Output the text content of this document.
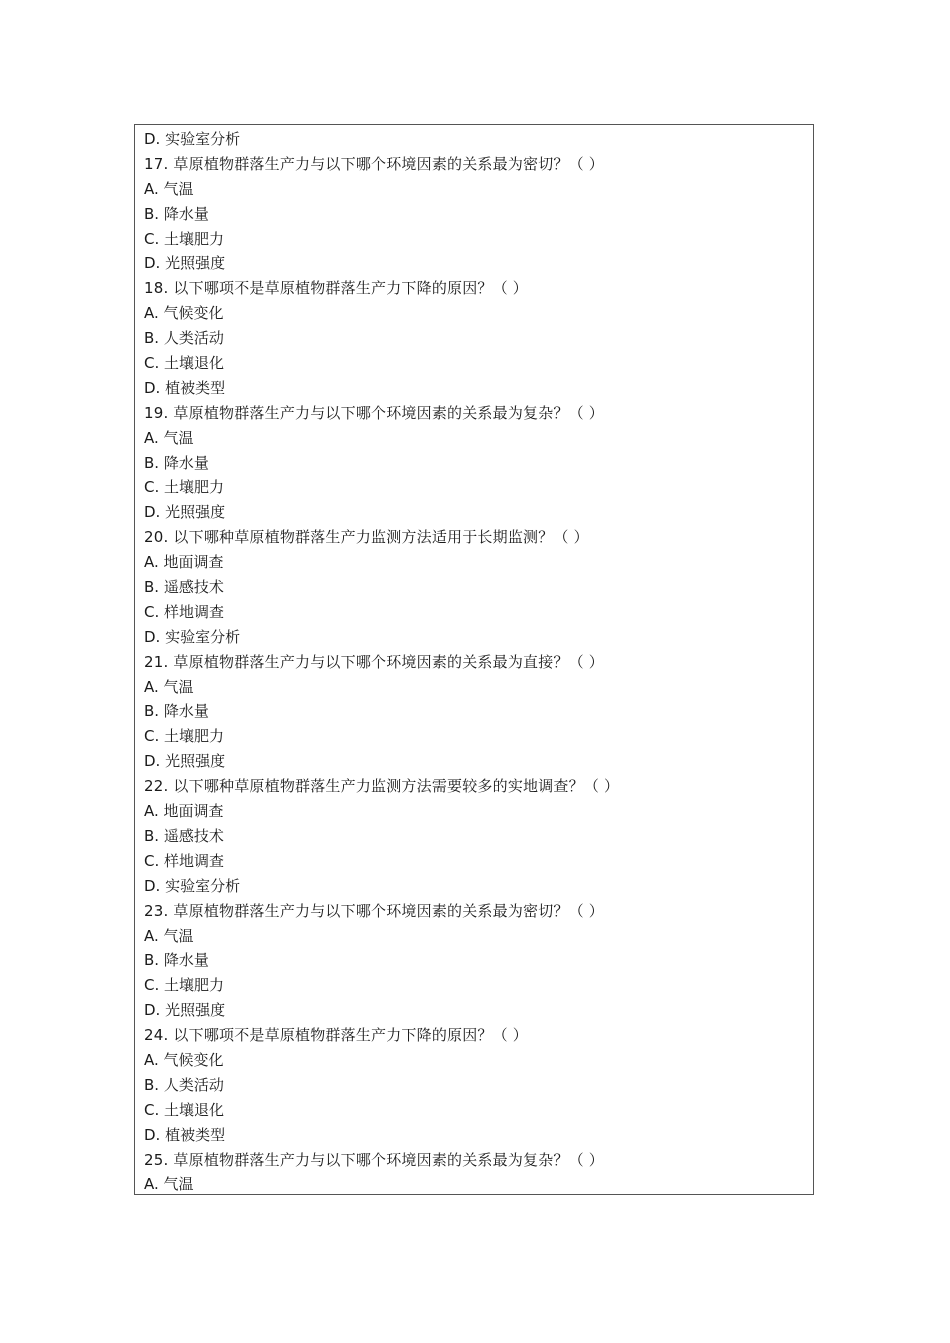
D. 实验室分析
17. 草原植物群落生产力与以下哪个环境因素的关系最为密切？（ ）
A. 气温
B. 降水量
C. 土壤肥力
D. 光照强度
18. 以下哪项不是草原植物群落生产力下降的原因？（ ）
A. 气候变化
B. 人类活动
C. 土壤退化
D. 植被类型
19. 草原植物群落生产力与以下哪个环境因素的关系最为复杂？（ ）
A. 气温
B. 降水量
C. 土壤肥力
D. 光照强度
20. 以下哪种草原植物群落生产力监测方法适用于长期监测？（ ）
A. 地面调查
B. 遥感技术
C. 样地调查
D. 实验室分析
21. 草原植物群落生产力与以下哪个环境因素的关系最为直接？（ ）
A. 气温
B. 降水量
C. 土壤肥力
D. 光照强度
22. 以下哪种草原植物群落生产力监测方法需要较多的实地调查？（ ）
A. 地面调查
B. 遥感技术
C. 样地调查
D. 实验室分析
23. 草原植物群落生产力与以下哪个环境因素的关系最为密切？（ ）
A. 气温
B. 降水量
C. 土壤肥力
D. 光照强度
24. 以下哪项不是草原植物群落生产力下降的原因？（ ）
A. 气候变化
B. 人类活动
C. 土壤退化
D. 植被类型
25. 草原植物群落生产力与以下哪个环境因素的关系最为复杂？（ ）
A. 气温
